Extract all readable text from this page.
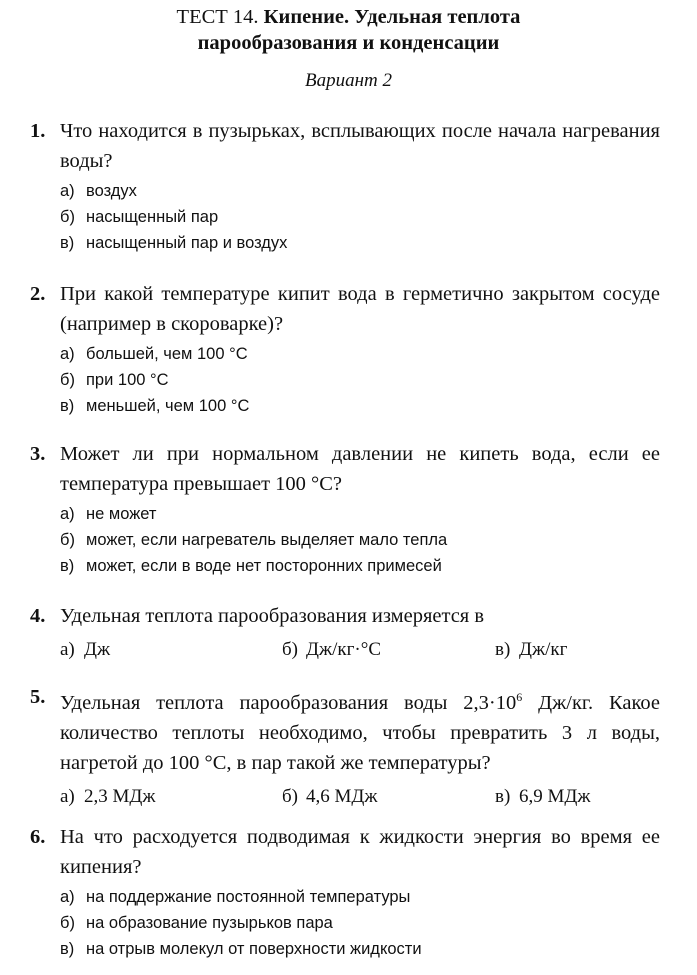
ТЕСТ 14. Кипение. Удельная теплота
парообразования и конденсации
Вариант 2
1. Что находится в пузырьках, всплывающих после начала нагревания воды?
а) воздух
б) насыщенный пар
в) насыщенный пар и воздух
2. При какой температуре кипит вода в герметично закрытом сосуде (например в скороварке)?
а) большей, чем 100 °С
б) при 100 °С
в) меньшей, чем 100 °С
3. Может ли при нормальном давлении не кипеть вода, если ее температура превышает 100 °С?
а) не может
б) может, если нагреватель выделяет мало тепла
в) может, если в воде нет посторонних примесей
4. Удельная теплота парообразования измеряется в
а) Дж	б) Дж/кг·°С	в) Дж/кг
5. Удельная теплота парообразования воды $2,3\cdot 10^6$ Дж/кг. Какое количество теплоты необходимо, чтобы превратить 3 л воды, нагретой до 100 °С, в пар такой же температуры?
а) 2,3 МДж	б) 4,6 МДж	в) 6,9 МДж
6. На что расходуется подводимая к жидкости энергия во время ее кипения?
а) на поддержание постоянной температуры
б) на образование пузырьков пара
в) на отрыв молекул от поверхности жидкости
